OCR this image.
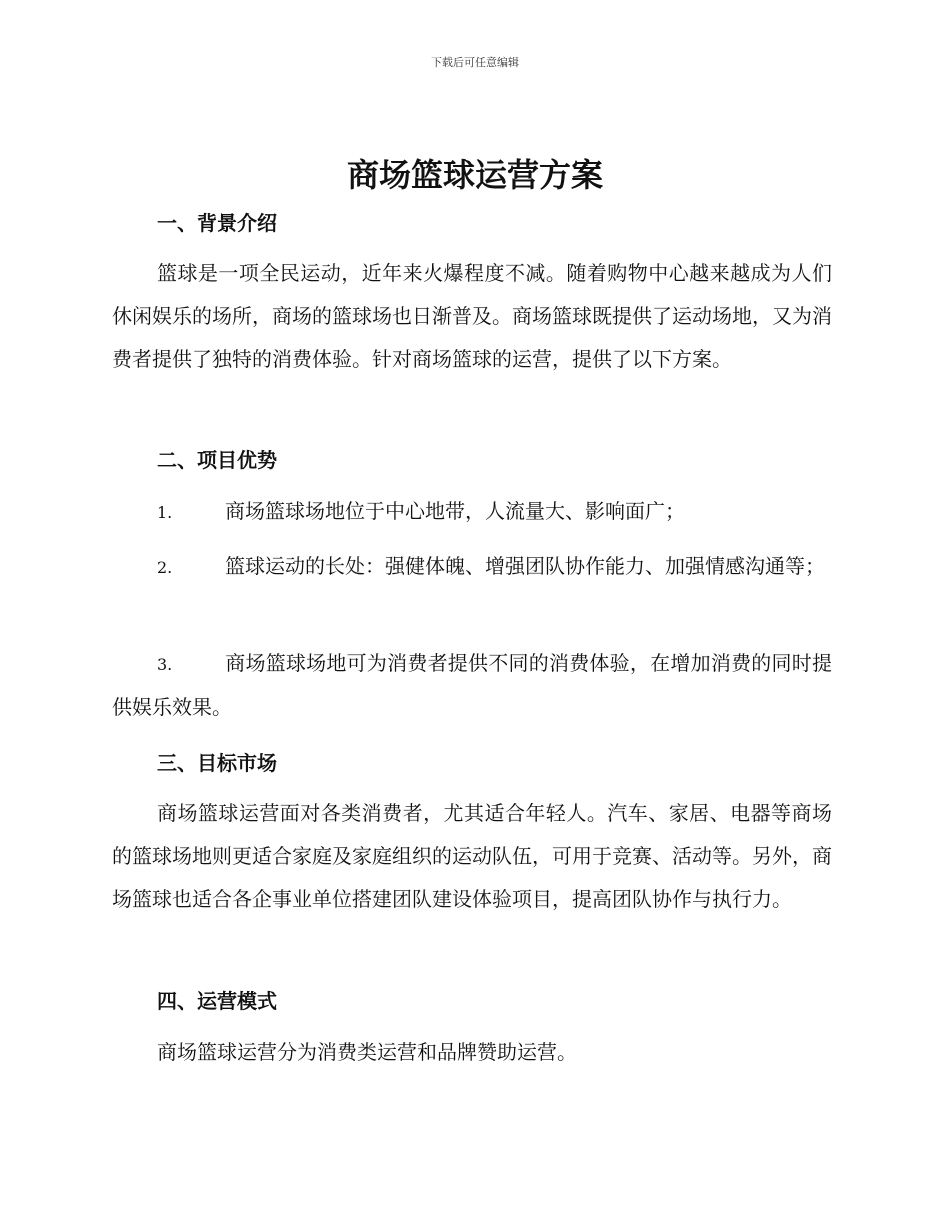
下载后可任意编辑
商场篮球运营方案
一、背景介绍

篮球是一项全民运动，近年来火爆程度不减。随着购物中心越来越成为人们休闲娱乐的场所，商场的篮球场也日渐普及。商场篮球既提供了运动场地，又为消费者提供了独特的消费体验。针对商场篮球的运营，提供了以下方案。

二、项目优势

1.	商场篮球场地位于中心地带，人流量大、影响面广；

2.	篮球运动的长处：强健体魄、增强团队协作能力、加强情感沟通等；

3.	商场篮球场地可为消费者提供不同的消费体验，在增加消费的同时提供娱乐效果。

三、目标市场

商场篮球运营面对各类消费者，尤其适合年轻人。汽车、家居、电器等商场的篮球场地则更适合家庭及家庭组织的运动队伍，可用于竞赛、活动等。另外，商场篮球也适合各企事业单位搭建团队建设体验项目，提高团队协作与执行力。

四、运营模式

商场篮球运营分为消费类运营和品牌赞助运营。
